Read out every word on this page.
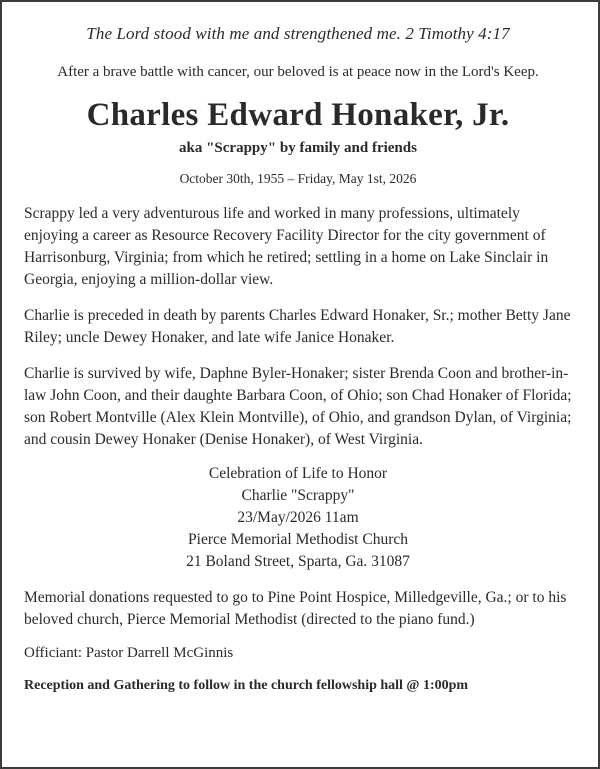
The Lord stood with me and strengthened me. 2 Timothy 4:17
After a brave battle with cancer, our beloved is at peace now in the Lord's Keep.
Charles Edward Honaker, Jr.
aka "Scrappy" by family and friends
October 30th, 1955 – Friday, May 1st, 2026
Scrappy led a very adventurous life and worked in many professions, ultimately enjoying a career as Resource Recovery Facility Director for the city government of Harrisonburg, Virginia; from which he retired; settling in a home on Lake Sinclair in Georgia, enjoying a million-dollar view.
Charlie is preceded in death by parents Charles Edward Honaker, Sr.; mother Betty Jane Riley; uncle Dewey Honaker, and late wife Janice Honaker.
Charlie is survived by wife, Daphne Byler-Honaker; sister Brenda Coon and brother-in-law John Coon, and their daughte Barbara Coon, of Ohio; son Chad Honaker of Florida; son Robert Montville (Alex Klein Montville), of Ohio, and grandson Dylan, of Virginia; and cousin Dewey Honaker (Denise Honaker), of West Virginia.
Celebration of Life to Honor
Charlie "Scrappy"
23/May/2026 11am
Pierce Memorial Methodist Church
21 Boland Street, Sparta, Ga. 31087
Memorial donations requested to go to Pine Point Hospice, Milledgeville, Ga.; or to his beloved church, Pierce Memorial Methodist (directed to the piano fund.)
Officiant: Pastor Darrell McGinnis
Reception and Gathering to follow in the church fellowship hall @ 1:00pm
